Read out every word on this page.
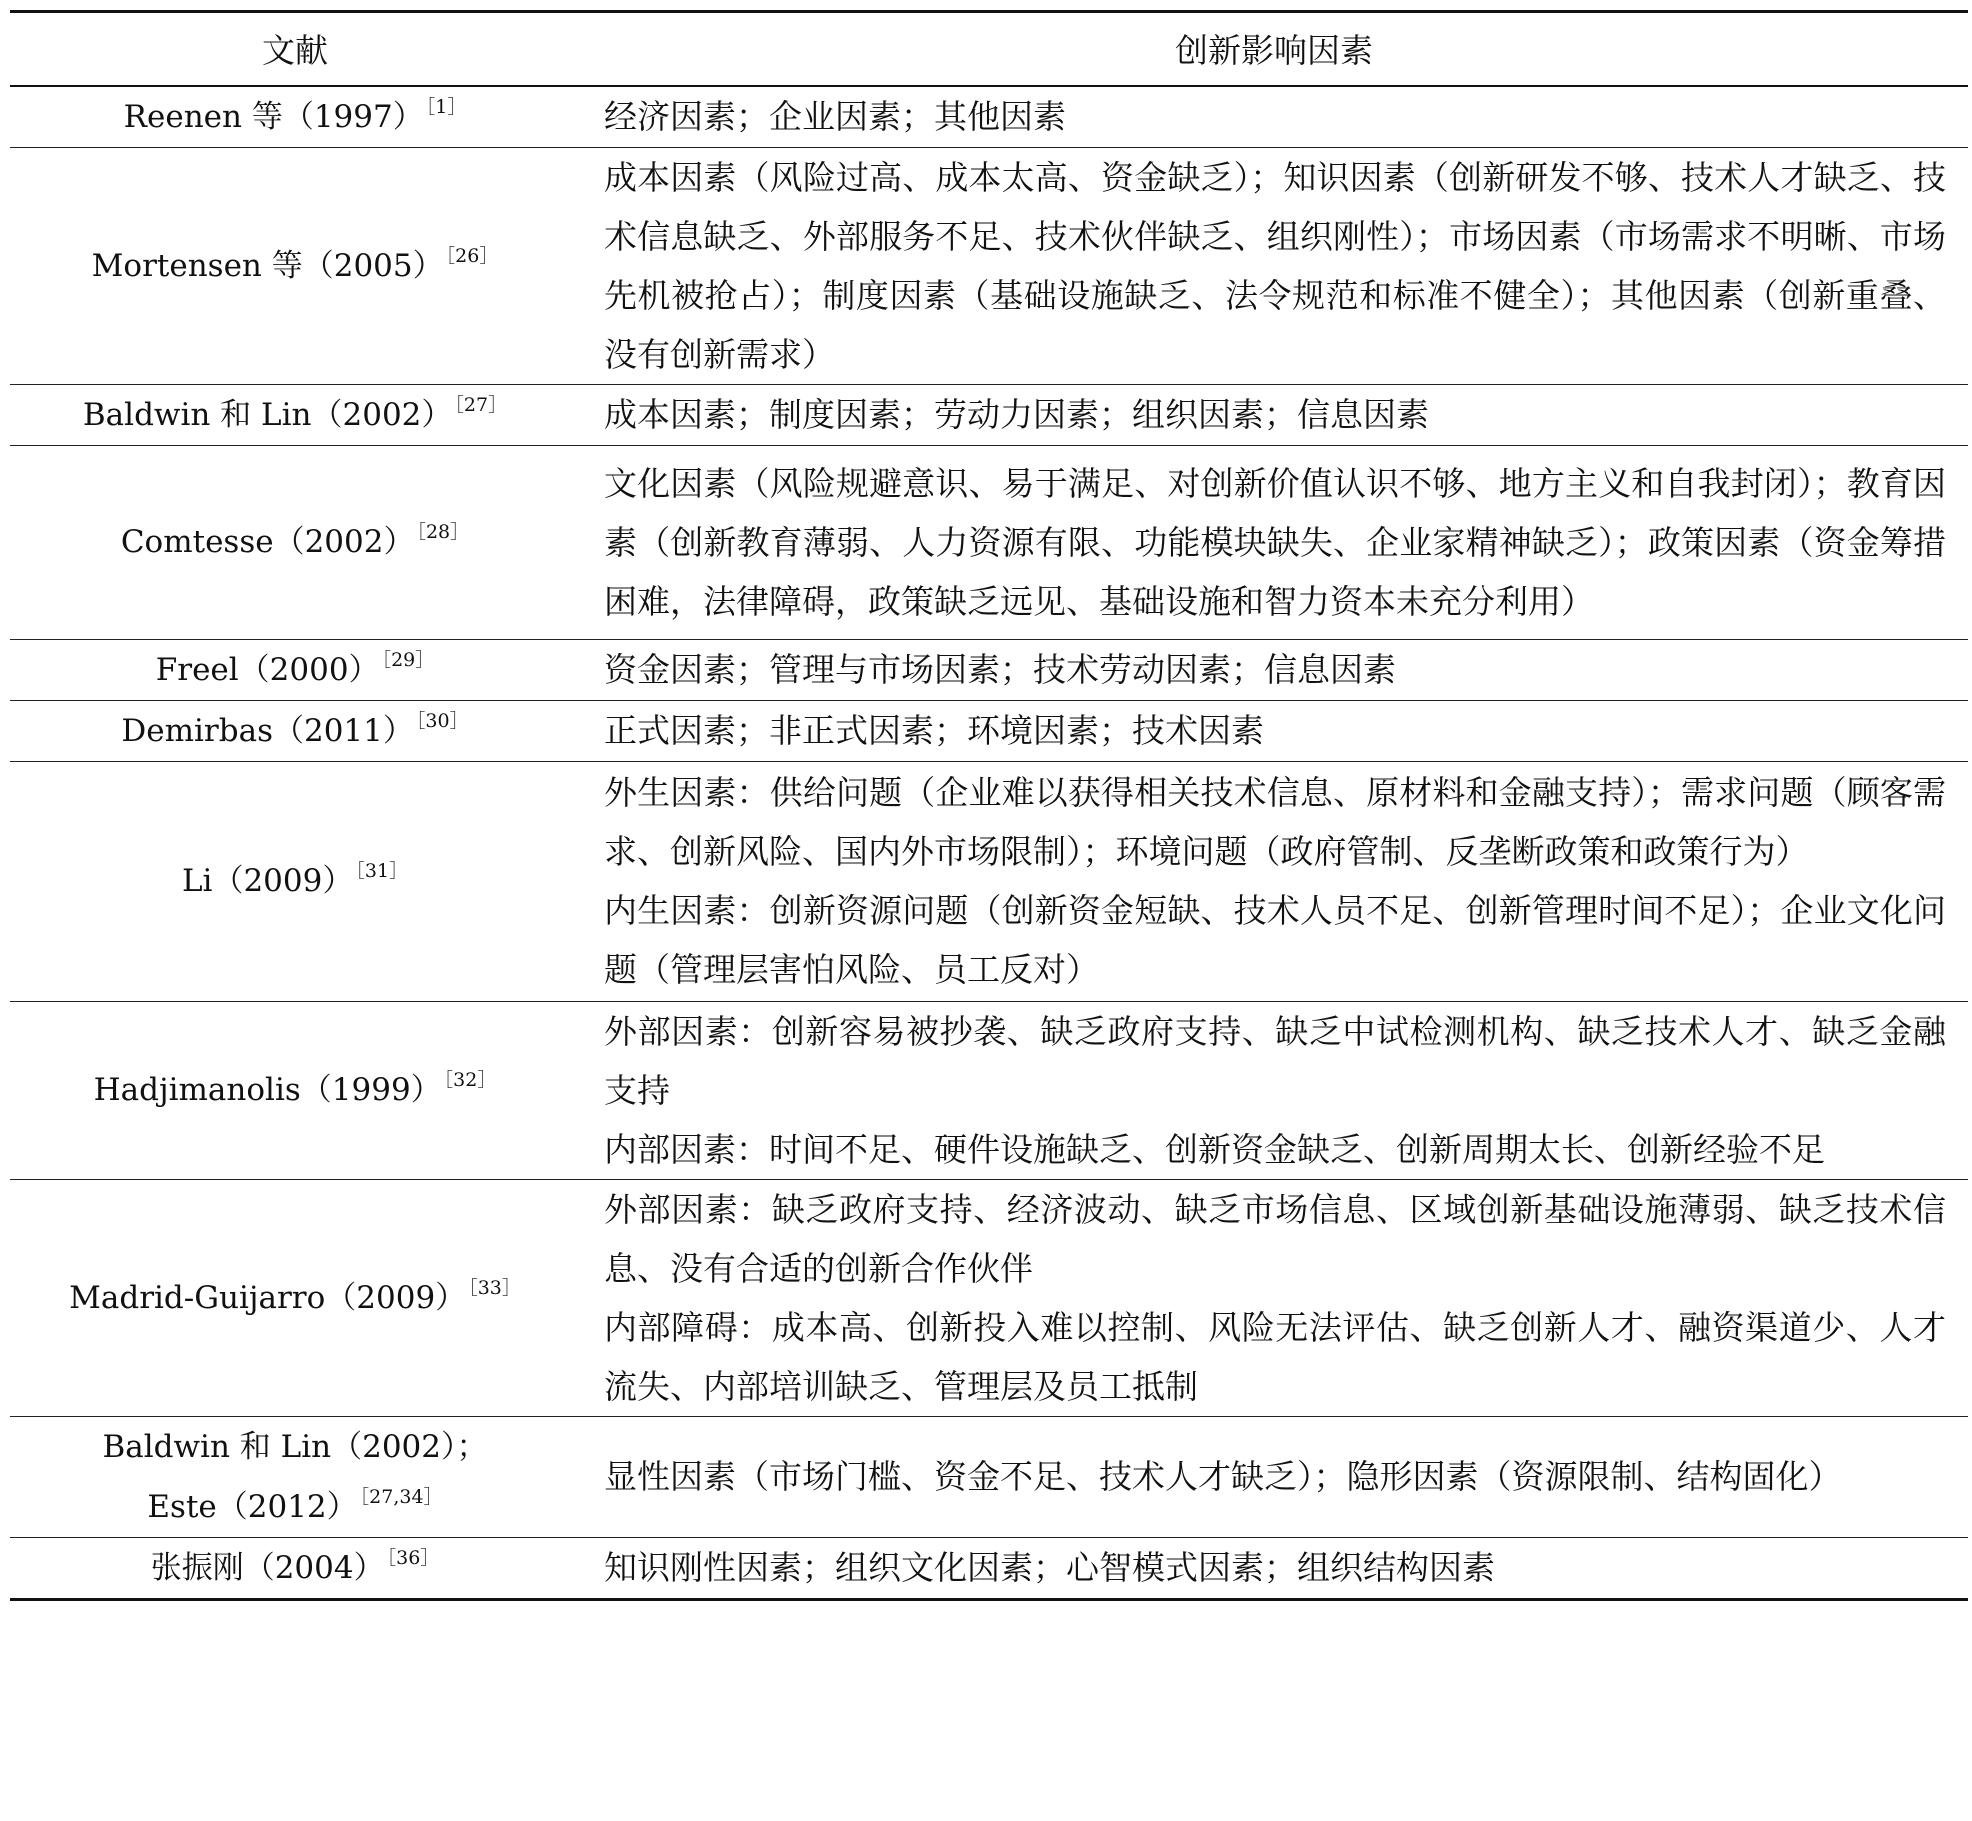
文献	创新影响因素
Reenen 等（1997） $^{[1]}$	经济因素；企业因素；其他因素

Mortensen 等（2005） $^{[26]}$	成本因素（风险过高、成本太高、资金缺乏）；知识因素（创新研发不够、技术人才缺乏、技术信息缺乏、外部服务不足、技术伙伴缺乏、组织刚性）；市场因素（市场需求不明晰、市场先机被抢占）；制度因素（基础设施缺乏、法令规范和标准不健全）；其他因素（创新重叠、没有创新需求）

Baldwin 和 Lin（2002） $^{[27]}$	成本因素；制度因素；劳动力因素；组织因素；信息因素

Comtesse（2002） $^{[28]}$	文化因素（风险规避意识、易于满足、对创新价值认识不够、地方主义和自我封闭）；教育因素（创新教育薄弱、人力资源有限、功能模块缺失、企业家精神缺乏）；政策因素（资金筹措困难，法律障碍，政策缺乏远见、基础设施和智力资本未充分利用）

Freel（2000） $^{[29]}$	资金因素；管理与市场因素；技术劳动因素；信息因素

Demirbas（2011） $^{[30]}$	正式因素；非正式因素；环境因素；技术因素

Li（2009） $^{[31]}$	外生因素：供给问题（企业难以获得相关技术信息、原材料和金融支持）；需求问题（顾客需求、创新风险、国内外市场限制）；环境问题（政府管制、反垄断政策和政策行为）
内生因素：创新资源问题（创新资金短缺、技术人员不足、创新管理时间不足）；企业文化问题（管理层害怕风险、员工反对）

Hadjimanolis（1999） $^{[32]}$	外部因素：创新容易被抄袭、缺乏政府支持、缺乏中试检测机构、缺乏技术人才、缺乏金融支持
内部因素：时间不足、硬件设施缺乏、创新资金缺乏、创新周期太长、创新经验不足

Madrid-Guijarro（2009） $^{[33]}$	外部因素：缺乏政府支持、经济波动、缺乏市场信息、区域创新基础设施薄弱、缺乏技术信息、没有合适的创新合作伙伴
内部障碍：成本高、创新投入难以控制、风险无法评估、缺乏创新人才、融资渠道少、人才流失、内部培训缺乏、管理层及员工抵制

Baldwin 和 Lin（2002）；
Este（2012） $^{[27,34]}$	显性因素（市场门槛、资金不足、技术人才缺乏）；隐形因素（资源限制、结构固化）

张振刚（2004） $^{[36]}$	知识刚性因素；组织文化因素；心智模式因素；组织结构因素
